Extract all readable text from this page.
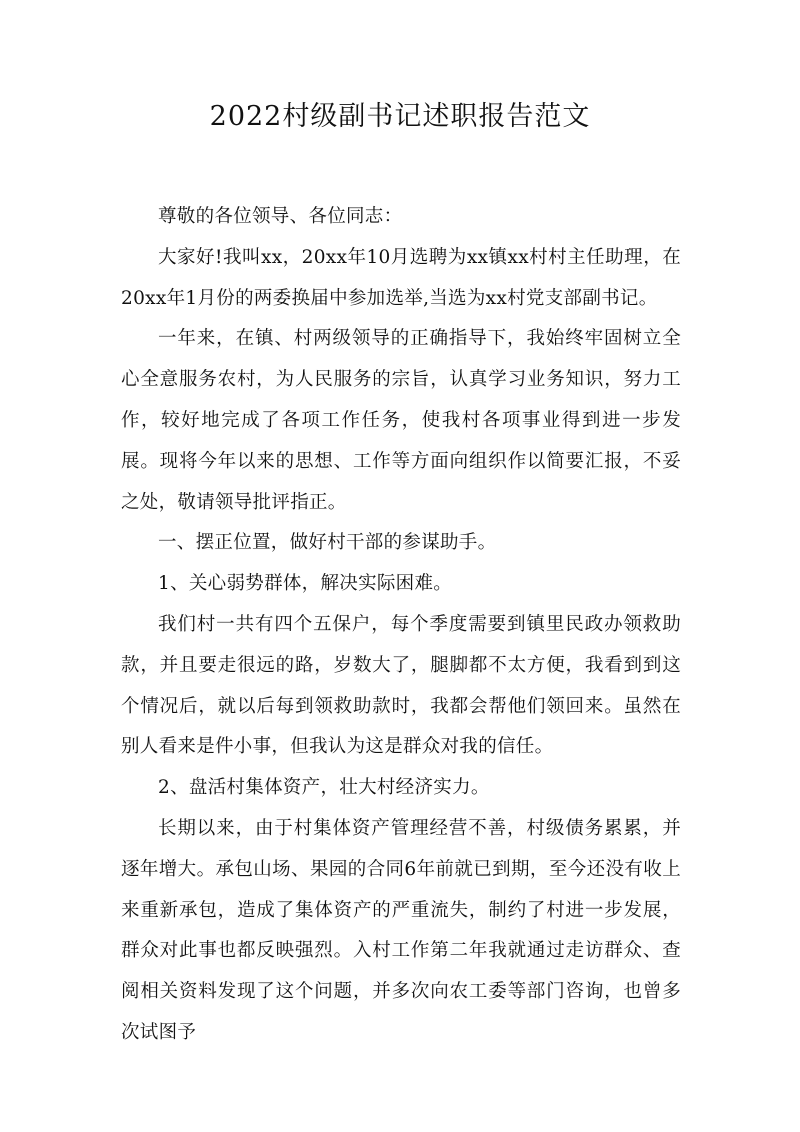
2022村级副书记述职报告范文

尊敬的各位领导、各位同志：

大家好!我叫xx，20xx年10月选聘为xx镇xx村村主任助理，在20xx年1月份的两委换届中参加选举,当选为xx村党支部副书记。

一年来，在镇、村两级领导的正确指导下，我始终牢固树立全心全意服务农村，为人民服务的宗旨，认真学习业务知识，努力工作，较好地完成了各项工作任务，使我村各项事业得到进一步发展。现将今年以来的思想、工作等方面向组织作以简要汇报，不妥之处，敬请领导批评指正。

一、摆正位置，做好村干部的参谋助手。

1、关心弱势群体，解决实际困难。

我们村一共有四个五保户，每个季度需要到镇里民政办领救助款，并且要走很远的路，岁数大了，腿脚都不太方便，我看到到这个情况后，就以后每到领救助款时，我都会帮他们领回来。虽然在别人看来是件小事，但我认为这是群众对我的信任。

2、盘活村集体资产，壮大村经济实力。

长期以来，由于村集体资产管理经营不善，村级债务累累，并逐年增大。承包山场、果园的合同6年前就已到期，至今还没有收上来重新承包，造成了集体资产的严重流失，制约了村进一步发展，群众对此事也都反映强烈。入村工作第二年我就通过走访群众、查阅相关资料发现了这个问题，并多次向农工委等部门咨询，也曾多次试图予
